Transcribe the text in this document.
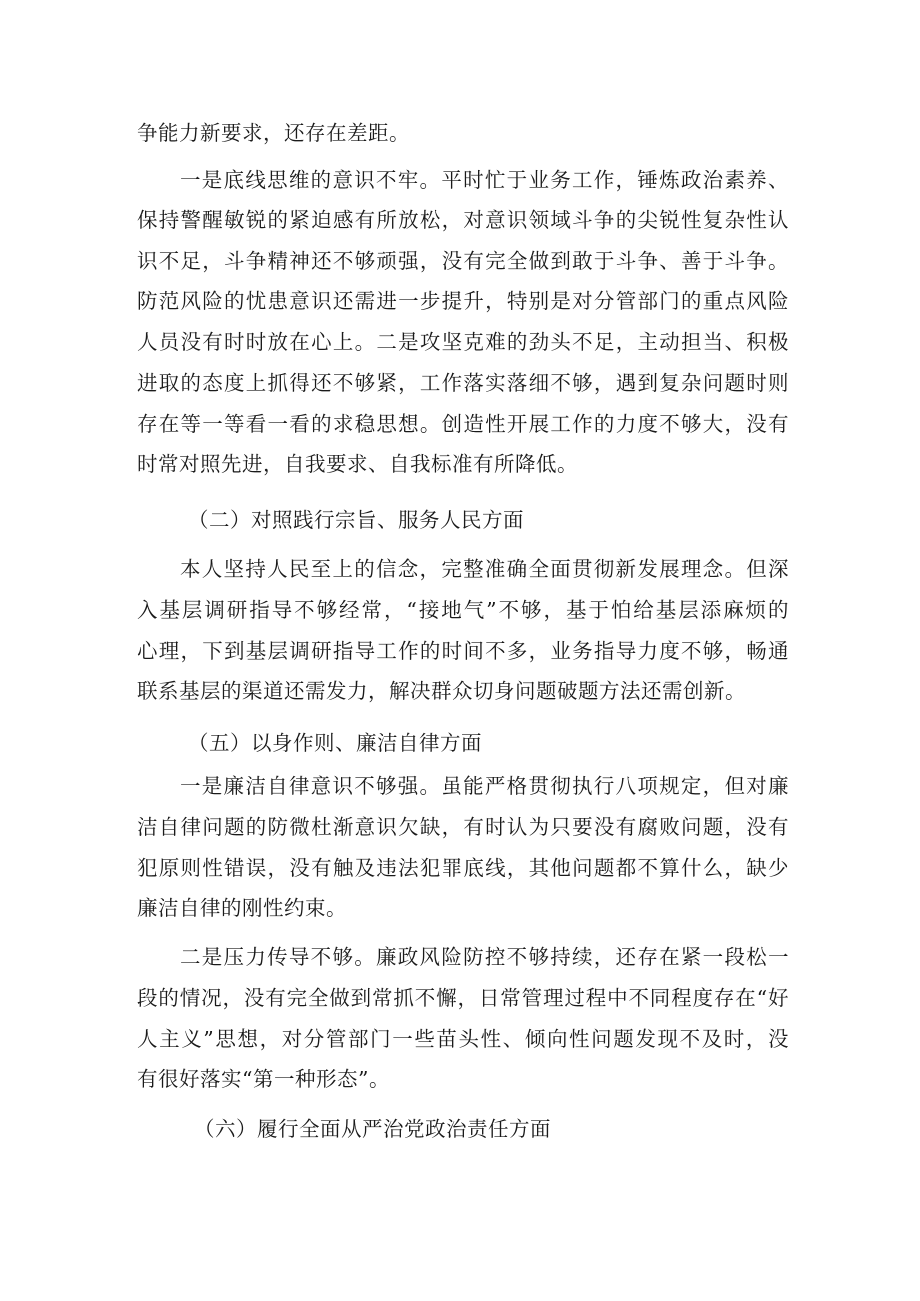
争能力新要求，还存在差距。
一是底线思维的意识不牢。平时忙于业务工作，锤炼政治素养、
保持警醒敏锐的紧迫感有所放松，对意识领域斗争的尖锐性复杂性认
识不足，斗争精神还不够顽强，没有完全做到敢于斗争、善于斗争。
防范风险的忧患意识还需进一步提升，特别是对分管部门的重点风险
人员没有时时放在心上。二是攻坚克难的劲头不足，主动担当、积极
进取的态度上抓得还不够紧，工作落实落细不够，遇到复杂问题时则
存在等一等看一看的求稳思想。创造性开展工作的力度不够大，没有
时常对照先进，自我要求、自我标准有所降低。
（二）对照践行宗旨、服务人民方面
本人坚持人民至上的信念，完整准确全面贯彻新发展理念。但深
入基层调研指导不够经常，“接地气”不够，基于怕给基层添麻烦的
心理，下到基层调研指导工作的时间不多，业务指导力度不够，畅通
联系基层的渠道还需发力，解决群众切身问题破题方法还需创新。
（五）以身作则、廉洁自律方面
一是廉洁自律意识不够强。虽能严格贯彻执行八项规定，但对廉
洁自律问题的防微杜渐意识欠缺，有时认为只要没有腐败问题，没有
犯原则性错误，没有触及违法犯罪底线，其他问题都不算什么，缺少
廉洁自律的刚性约束。
二是压力传导不够。廉政风险防控不够持续，还存在紧一段松一
段的情况，没有完全做到常抓不懈，日常管理过程中不同程度存在“好
人主义”思想，对分管部门一些苗头性、倾向性问题发现不及时，没
有很好落实“第一种形态”。
（六）履行全面从严治党政治责任方面
